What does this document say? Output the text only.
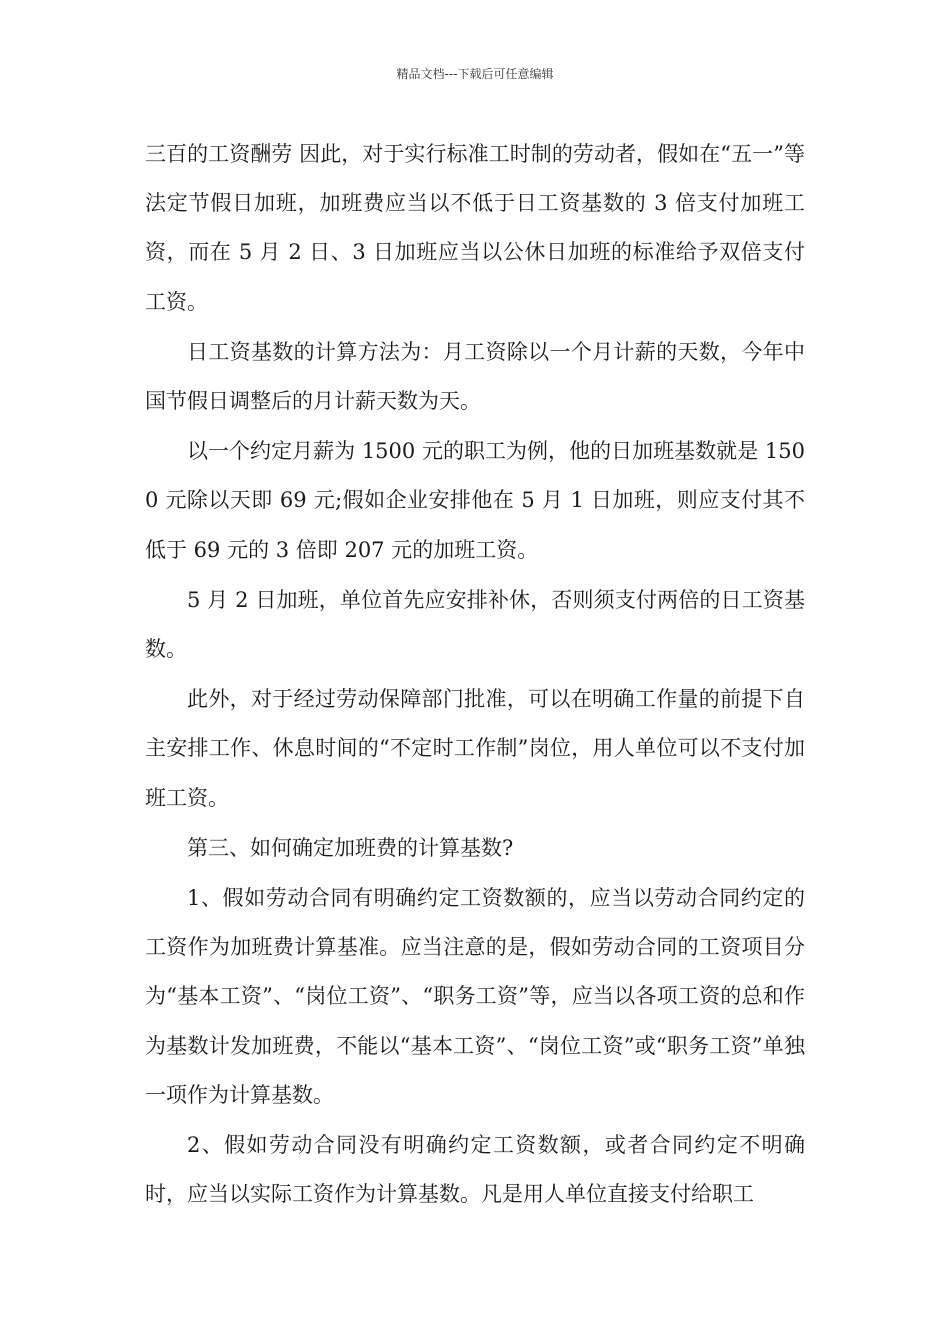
精品文档---下载后可任意编辑

三百的工资酬劳 因此，对于实行标准工时制的劳动者，假如在“五一”等法定节假日加班，加班费应当以不低于日工资基数的 3 倍支付加班工资，而在 5 月 2 日、3 日加班应当以公休日加班的标准给予双倍支付工资。

日工资基数的计算方法为：月工资除以一个月计薪的天数，今年中国节假日调整后的月计薪天数为天。

以一个约定月薪为 1500 元的职工为例，他的日加班基数就是 1500 元除以天即 69 元;假如企业安排他在 5 月 1 日加班，则应支付其不低于 69 元的 3 倍即 207 元的加班工资。

5 月 2 日加班，单位首先应安排补休，否则须支付两倍的日工资基数。

此外，对于经过劳动保障部门批准，可以在明确工作量的前提下自主安排工作、休息时间的“不定时工作制”岗位，用人单位可以不支付加班工资。

第三、如何确定加班费的计算基数?

1、假如劳动合同有明确约定工资数额的，应当以劳动合同约定的工资作为加班费计算基准。应当注意的是，假如劳动合同的工资项目分为“基本工资”、“岗位工资”、“职务工资”等，应当以各项工资的总和作为基数计发加班费，不能以“基本工资”、“岗位工资”或“职务工资”单独一项作为计算基数。

2、假如劳动合同没有明确约定工资数额，或者合同约定不明确时，应当以实际工资作为计算基数。凡是用人单位直接支付给职工
